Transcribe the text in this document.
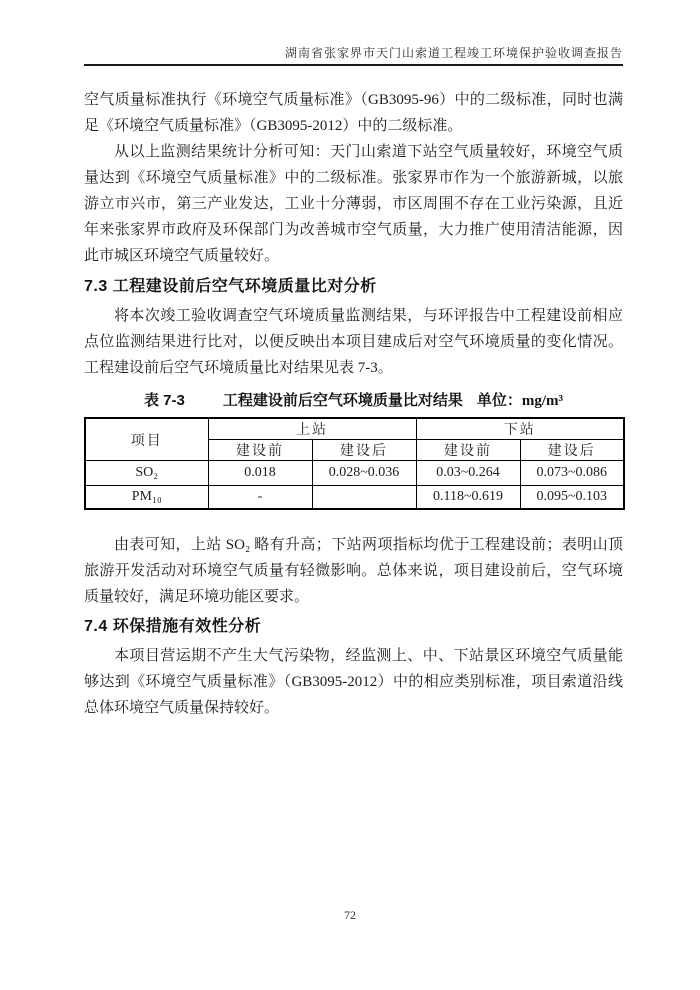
湖南省张家界市天门山索道工程竣工环境保护验收调查报告

空气质量标准执行《环境空气质量标准》（GB3095-96）中的二级标准，同时也满足《环境空气质量标准》（GB3095-2012）中的二级标准。

从以上监测结果统计分析可知：天门山索道下站空气质量较好，环境空气质量达到《环境空气质量标准》中的二级标准。张家界市作为一个旅游新城，以旅游立市兴市，第三产业发达，工业十分薄弱，市区周围不存在工业污染源，且近年来张家界市政府及环保部门为改善城市空气质量，大力推广使用清洁能源，因此市城区环境空气质量较好。

7.3 工程建设前后空气环境质量比对分析

将本次竣工验收调查空气环境质量监测结果，与环评报告中工程建设前相应点位监测结果进行比对，以便反映出本项目建成后对空气环境质量的变化情况。工程建设前后空气环境质量比对结果见表 7-3。

表 7-3	工程建设前后空气环境质量比对结果 单位：mg/m³
项目	上站		下站	
	建设前	建设后	建设前	建设后
SO₂	0.018	0.028~0.036	0.03~0.264	0.073~0.086
PM₁₀	-		0.118~0.619	0.095~0.103

由表可知，上站 SO₂ 略有升高；下站两项指标均优于工程建设前；表明山顶旅游开发活动对环境空气质量有轻微影响。总体来说，项目建设前后，空气环境质量较好，满足环境功能区要求。

7.4 环保措施有效性分析

本项目营运期不产生大气污染物，经监测上、中、下站景区环境空气质量能够达到《环境空气质量标准》（GB3095-2012）中的相应类别标准，项目索道沿线总体环境空气质量保持较好。

72
